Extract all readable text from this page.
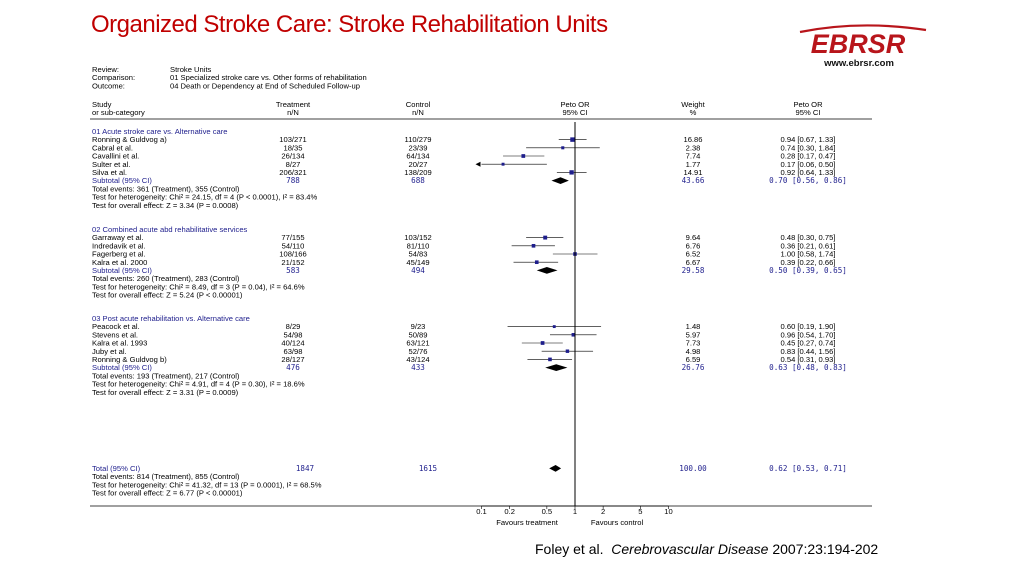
Organized Stroke Care: Stroke Rehabilitation Units
EBRSR
www.ebrsr.com
Review:	Stroke Units
Comparison:	01 Specialized stroke care vs. Other forms of rehabilitation
Outcome:	04 Death or Dependency at End of Scheduled Follow-up
Study	Treatment	Control	Peto OR	Weight	Peto OR
or sub-category	n/N	n/N	95% CI	%	95% CI
01 Acute stroke care vs. Alternative care
Ronning & Guldvog a)	103/271	110/279	16.86	0.94 [0.67, 1.33]
Cabral et al.	18/35	23/39	2.38	0.74 [0.30, 1.84]
Cavallini et al.	26/134	64/134	7.74	0.28 [0.17, 0.47]
Sulter et al.	8/27	20/27	1.77	0.17 [0.06, 0.50]
Silva et al.	206/321	138/209	14.91	0.92 [0.64, 1.33]
Subtotal (95% CI)	788	688	43.66	0.70 [0.56, 0.86]
Total events: 361 (Treatment), 355 (Control)
Test for heterogeneity: Chi² = 24.15, df = 4 (P < 0.0001), I² = 83.4%
Test for overall effect: Z = 3.34 (P = 0.0008)
02 Combined acute abd rehabilitative services
Garraway et al.	77/155	103/152	9.64	0.48 [0.30, 0.75]
Indredavik et al.	54/110	81/110	6.76	0.36 [0.21, 0.61]
Fagerberg et al.	108/166	54/83	6.52	1.00 [0.58, 1.74]
Kalra et al. 2000	21/152	45/149	6.67	0.39 [0.22, 0.66]
Subtotal (95% CI)	583	494	29.58	0.50 [0.39, 0.65]
Total events: 260 (Treatment), 283 (Control)
Test for heterogeneity: Chi² = 8.49, df = 3 (P = 0.04), I² = 64.6%
Test for overall effect: Z = 5.24 (P < 0.00001)
03 Post acute rehabilitation vs. Alternative care
Peacock et al.	8/29	9/23	1.48	0.60 [0.19, 1.90]
Stevens et al.	54/98	50/89	5.97	0.96 [0.54, 1.70]
Kalra et al. 1993	40/124	63/121	7.73	0.45 [0.27, 0.74]
Juby et al.	63/98	52/76	4.98	0.83 [0.44, 1.56]
Ronning & Guldvog b)	28/127	43/124	6.59	0.54 [0.31, 0.93]
Subtotal (95% CI)	476	433	26.76	0.63 [0.48, 0.83]
Total events: 193 (Treatment), 217 (Control)
Test for heterogeneity: Chi² = 4.91, df = 4 (P = 0.30), I² = 18.6%
Test for overall effect: Z = 3.31 (P = 0.0009)
Total (95% CI)	1847	1615	100.00	0.62 [0.53, 0.71]
Total events: 814 (Treatment), 855 (Control)
Test for heterogeneity: Chi² = 41.32, df = 13 (P = 0.0001), I² = 68.5%
Test for overall effect: Z = 6.77 (P < 0.00001)
0.1 0.2	0.5	1	2	5	10
Favours treatment	Favours control
Foley et al. Cerebrovascular Disease 2007:23:194-202
